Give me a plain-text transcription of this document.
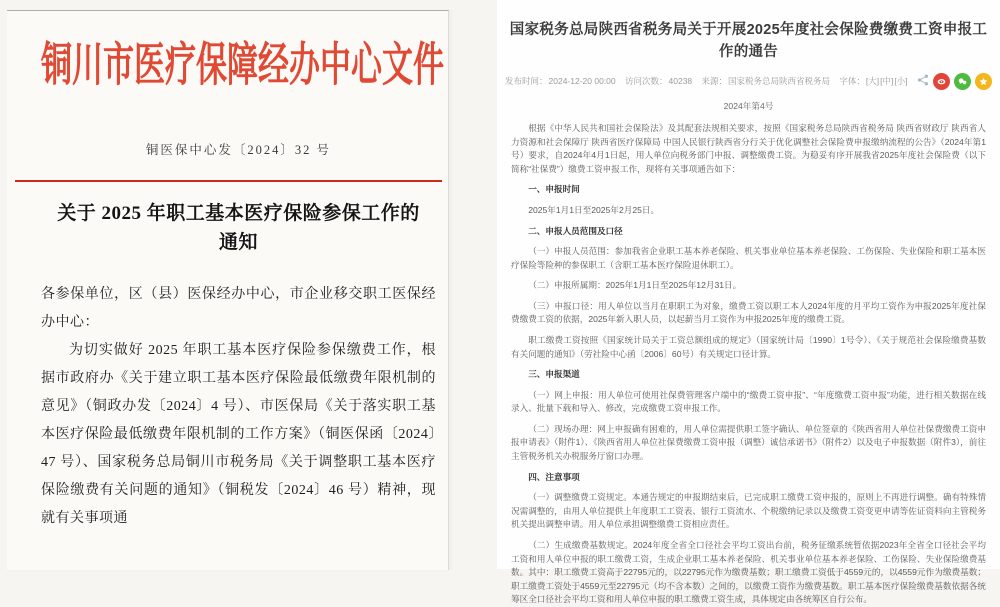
铜川市医疗保障经办中心文件
铜医保中心发〔2024〕32 号
关于 2025 年职工基本医疗保险参保工作的
通知

各参保单位，区（县）医保经办中心，市企业移交职工医保经办中心：

为切实做好 2025 年职工基本医疗保险参保缴费工作，根据市政府办《关于建立职工基本医疗保险最低缴费年限机制的意见》（铜政办发〔2024〕4 号）、市医保局《关于落实职工基本医疗保险最低缴费年限机制的工作方案》（铜医保函〔2024〕47 号）、国家税务总局铜川市税务局《关于调整职工基本医疗保险缴费有关问题的通知》（铜税发〔2024〕46 号）精神，现就有关事项通

国家税务总局陕西省税务局关于开展2025年度社会保险费缴费工资申报工作的通告
发布时间： 2024-12-20 00:00 访问次数： 40238 来源： 国家税务总局陕西省税务局 字体： [大] [中] [小]
2024年第4号

根据《中华人民共和国社会保险法》及其配套法规相关要求，按照《国家税务总局陕西省税务局 陕西省财政厅 陕西省人力资源和社会保障厅 陕西省医疗保障局 中国人民银行陕西省分行关于优化调整社会保险费申报缴纳流程的公告》（2024年第1号）要求，自2024年4月1日起，用人单位向税务部门申报、调整缴费工资。为稳妥有序开展我省2025年度社会保险费（以下简称“社保费”）缴费工资申报工作，现将有关事项通告如下：

一、申报时间

2025年1月1日至2025年2月25日。

二、申报人员范围及口径

（一）申报人员范围：参加我省企业职工基本养老保险、机关事业单位基本养老保险、工伤保险、失业保险和职工基本医疗保险等险种的参保职工（含职工基本医疗保险退休职工）。

（二）申报所属期：2025年1月1日至2025年12月31日。

（三）申报口径：用人单位以当月在职职工为对象，缴费工资以职工本人2024年度的月平均工资作为申报2025年度社保费缴费工资的依据，2025年新入职人员，以起薪当月工资作为申报2025年度的缴费工资。

职工缴费工资按照《国家统计局关于工资总额组成的规定》（国家统计局〔1990〕1号令）、《关于规范社会保险缴费基数有关问题的通知》（劳社险中心函〔2006〕60号）有关规定口径计算。

三、申报渠道

（一）网上申报：用人单位可使用社保费管理客户端中的“缴费工资申报”、“年度缴费工资申报”功能，进行相关数据在线录入、批量下载和导入、修改，完成缴费工资申报工作。

（二）现场办理：网上申报确有困难的，用人单位需提供职工签字确认、单位签章的《陕西省用人单位社保费缴费工资申报申请表》（附件1）、《陕西省用人单位社保费缴费工资申报（调整）诚信承诺书》（附件2）以及电子申报数据（附件3），前往主管税务机关办税服务厅窗口办理。

四、注意事项

（一）调整缴费工资规定。本通告规定的申报期结束后，已完成职工缴费工资申报的，原则上不再进行调整。确有特殊情况需调整的，由用人单位提供上年度职工工资表、银行工资流水、个税缴纳记录以及缴费工资变更申请等佐证资料向主管税务机关提出调整申请。用人单位承担调整缴费工资相应责任。

（二）生成缴费基数规定。2024年度全省全口径社会平均工资出台前，税务征缴系统暂依据2023年全省全口径社会平均工资和用人单位申报的职工缴费工资，生成企业职工基本养老保险、机关事业单位基本养老保险、工伤保险、失业保险缴费基数。其中：职工缴费工资高于22795元的，以22795元作为缴费基数；职工缴费工资低于4559元的，以4559元作为缴费基数；职工缴费工资处于4559元至22795元（均不含本数）之间的，以缴费工资作为缴费基数。职工基本医疗保险缴费基数依据各统筹区全口径社会平均工资和用人单位申报的职工缴费工资生成，具体规定由各统筹区自行公布。
